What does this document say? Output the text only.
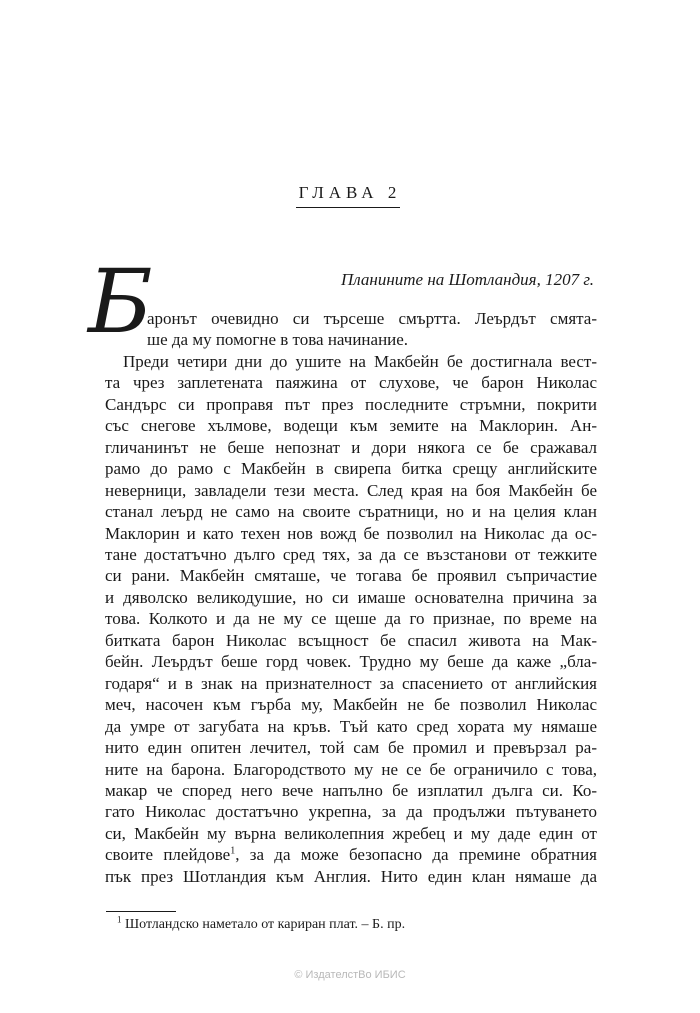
ГЛАВА 2
Планините на Шотландия, 1207 г.
Б
аронът очевидно си търсеше смъртта. Леърдът смята-
ше да му помогне в това начинание.
Преди четири дни до ушите на Макбейн бе достигнала вест-
та чрез заплетената паяжина от слухове, че барон Николас
Сандърс си проправя път през последните стръмни, покрити
със снегове хълмове, водещи към земите на Маклорин. Ан-
гличанинът не беше непознат и дори някога се бе сражавал
рамо до рамо с Макбейн в свирепа битка срещу английските
неверници, завладели тези места. След края на боя Макбейн бе
станал леърд не само на своите съратници, но и на целия клан
Маклорин и като техен нов вожд бе позволил на Николас да ос-
тане достатъчно дълго сред тях, за да се възстанови от тежките
си рани. Макбейн смяташе, че тогава бе проявил съпричастие
и дяволско великодушие, но си имаше основателна причина за
това. Колкото и да не му се щеше да го признае, по време на
битката барон Николас всъщност бе спасил живота на Мак-
бейн. Леърдът беше горд човек. Трудно му беше да каже „бла-
годаря“ и в знак на признателност за спасението от английския
меч, насочен към гърба му, Макбейн не бе позволил Николас
да умре от загубата на кръв. Тъй като сред хората му нямаше
нито един опитен лечител, той сам бе промил и превързал ра-
ните на барона. Благородството му не се бе ограничило с това,
макар че според него вече напълно бе изплатил дълга си. Ко-
гато Николас достатъчно укрепна, за да продължи пътуването
си, Макбейн му върна великолепния жребец и му даде един от
своите плейдове$^1$, за да може безопасно да премине обратния
пък през Шотландия към Англия. Нито един клан нямаше да
$^1$ Шотландско наметало от кариран плат. – Б. пр.
© ИздателстВо ИБИС
